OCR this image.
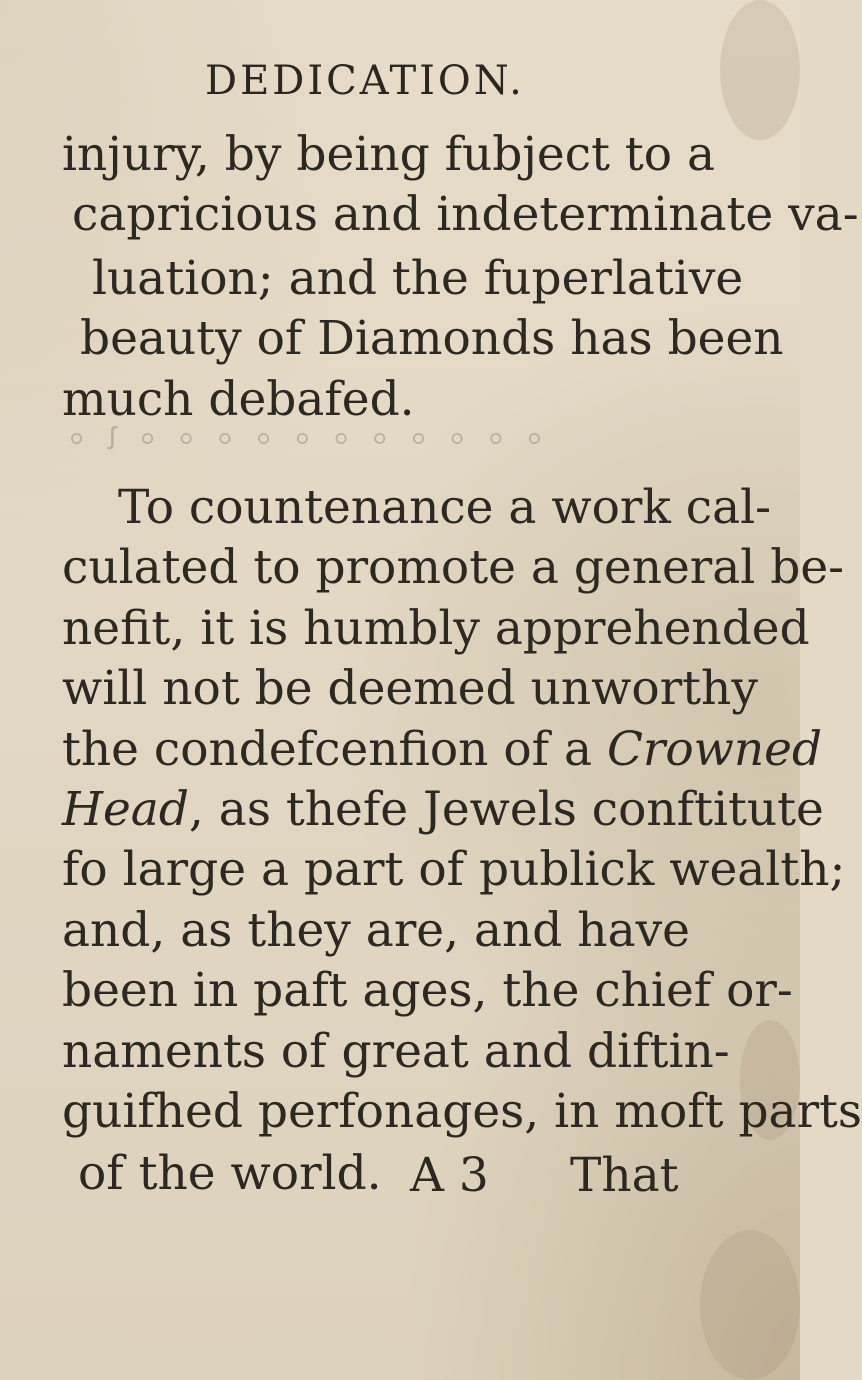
DEDICATION.
injury, by being fubject to a
capricious and indeterminate va-
luation; and the fuperlative
beauty of Diamonds has been
much debafed.
⸰ ꭍ ⸰ ⸰ ⸰ ⸰ ⸰ ⸰ ⸰ ⸰ ⸰ ⸰ ⸰
To countenance a work cal-
culated to promote a general be-
nefit, it is humbly apprehended
will not be deemed unworthy
the condefcenfion of a Crowned
Head, as thefe Jewels conftitute
fo large a part of publick wealth;
and, as they are, and have
been in paft ages, the chief or-
naments of great and diftin-
guifhed perfonages, in moft parts
of the world. A 3 That
